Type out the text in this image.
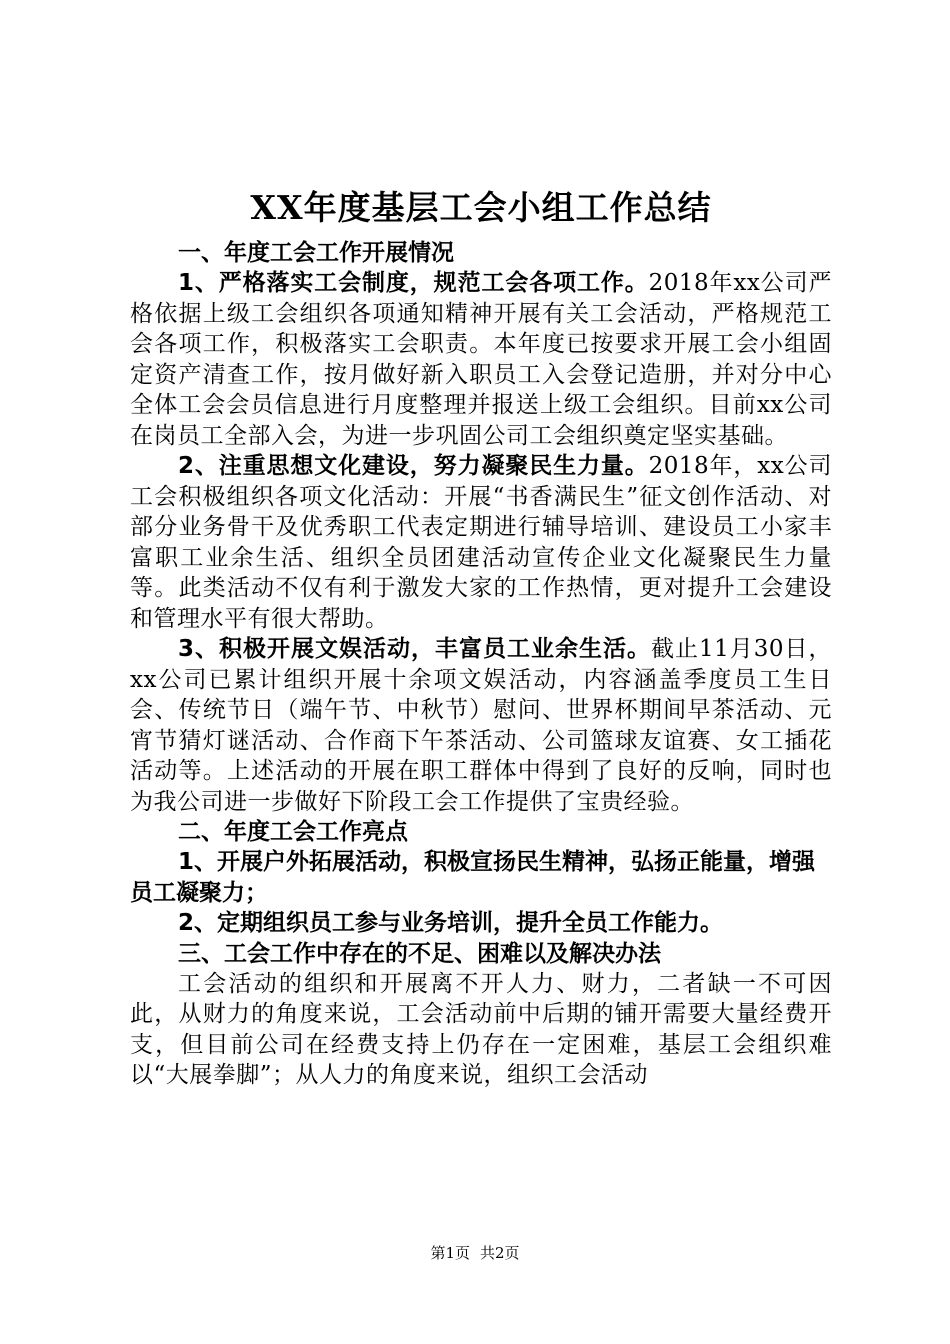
XX年度基层工会小组工作总结

一、年度工会工作开展情况

1、严格落实工会制度，规范工会各项工作。2018年xx公司严格依据上级工会组织各项通知精神开展有关工会活动，严格规范工会各项工作，积极落实工会职责。本年度已按要求开展工会小组固定资产清查工作，按月做好新入职员工入会登记造册，并对分中心全体工会会员信息进行月度整理并报送上级工会组织。目前xx公司在岗员工全部入会，为进一步巩固公司工会组织奠定坚实基础。

2、注重思想文化建设，努力凝聚民生力量。2018年，xx公司工会积极组织各项文化活动：开展“书香满民生”征文创作活动、对部分业务骨干及优秀职工代表定期进行辅导培训、建设员工小家丰富职工业余生活、组织全员团建活动宣传企业文化凝聚民生力量等。此类活动不仅有利于激发大家的工作热情，更对提升工会建设和管理水平有很大帮助。

3、积极开展文娱活动，丰富员工业余生活。截止11月30日，xx公司已累计组织开展十余项文娱活动，内容涵盖季度员工生日会、传统节日（端午节、中秋节）慰问、世界杯期间早茶活动、元宵节猜灯谜活动、合作商下午茶活动、公司篮球友谊赛、女工插花活动等。上述活动的开展在职工群体中得到了良好的反响，同时也为我公司进一步做好下阶段工会工作提供了宝贵经验。

二、年度工会工作亮点

1、开展户外拓展活动，积极宣扬民生精神，弘扬正能量，增强员工凝聚力；

2、定期组织员工参与业务培训，提升全员工作能力。

三、工会工作中存在的不足、困难以及解决办法

工会活动的组织和开展离不开人力、财力，二者缺一不可因此，从财力的角度来说，工会活动前中后期的铺开需要大量经费开支，但目前公司在经费支持上仍存在一定困难，基层工会组织难以“大展拳脚”；从人力的角度来说，组织工会活动

第1页 共2页
